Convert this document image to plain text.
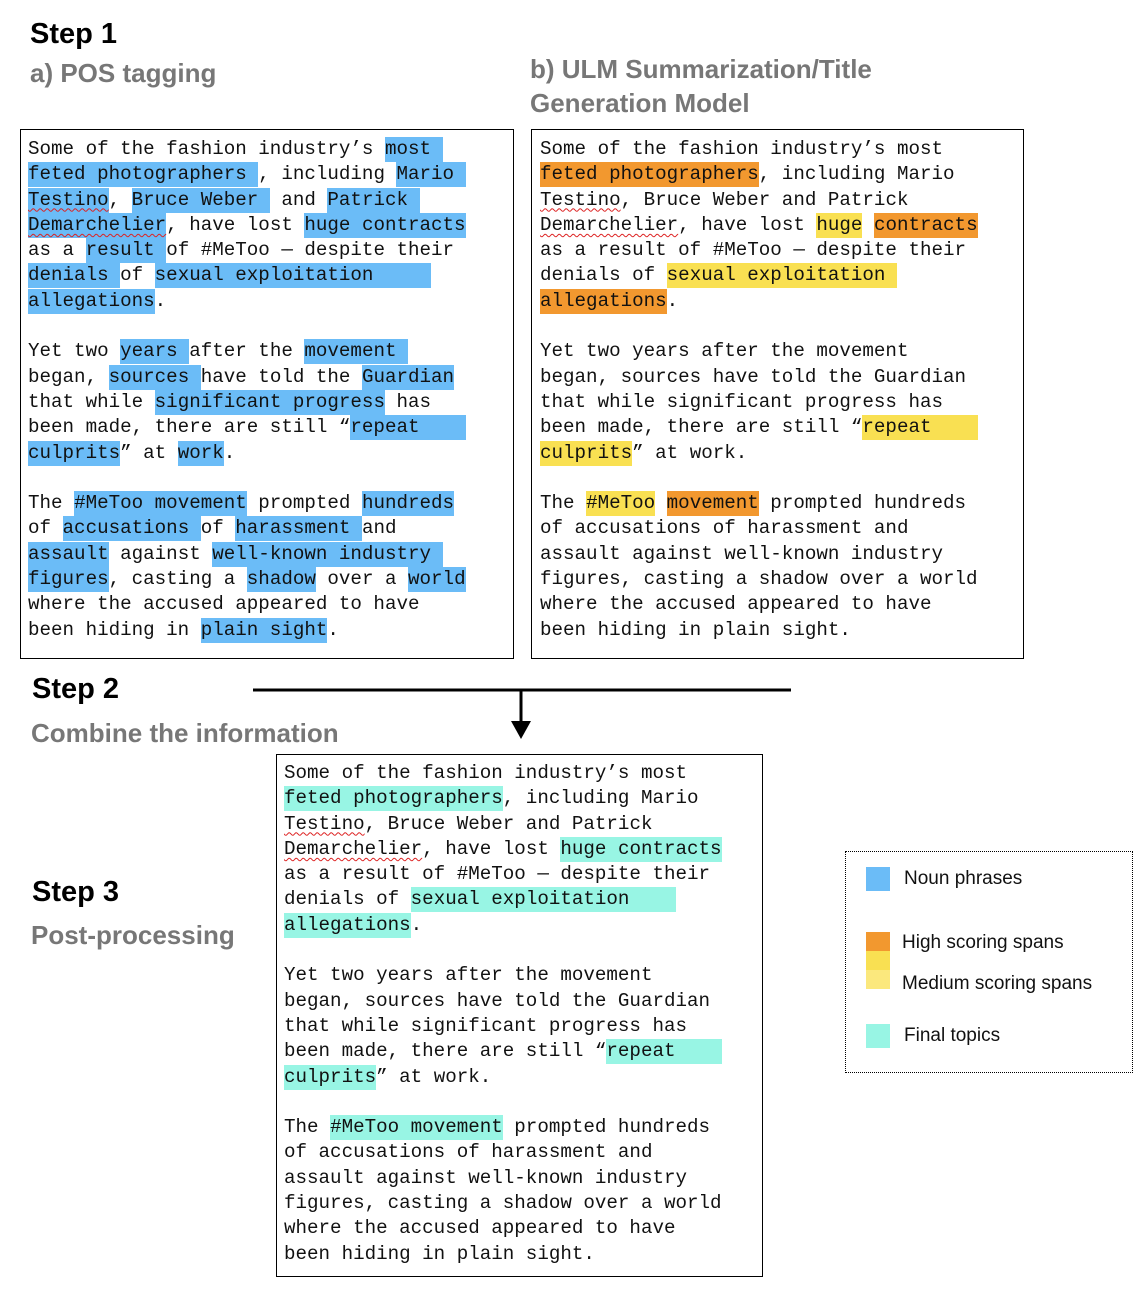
Step 1
a) POS tagging	b) ULM Summarization/Title
Generation Model
Step 2
Combine the information
Step 3
Post-processing
Some of the fashion industry’s most
feted photographers , including Mario
Testino, Bruce Weber  and Patrick
Demarchelier, have lost huge contracts
as a result of #MeToo — despite their
denials of sexual exploitation
allegations.
Yet two years after the movement
began, sources have told the Guardian
that while significant progress has
been made, there are still “repeat
culprits” at work.
The #MeToo movement prompted hundreds
of accusations of harassment and
assault against well-known industry
figures, casting a shadow over a world
where the accused appeared to have
been hiding in plain sight.
Some of the fashion industry’s most
feted photographers, including Mario
Testino, Bruce Weber and Patrick
Demarchelier, have lost huge contracts
as a result of #MeToo — despite their
denials of sexual exploitation
allegations.
Yet two years after the movement
began, sources have told the Guardian
that while significant progress has
been made, there are still “repeat
culprits” at work.
The #MeToo movement prompted hundreds
of accusations of harassment and
assault against well-known industry
figures, casting a shadow over a world
where the accused appeared to have
been hiding in plain sight.
Some of the fashion industry’s most
feted photographers, including Mario
Testino, Bruce Weber and Patrick
Demarchelier, have lost huge contracts
as a result of #MeToo — despite their
denials of sexual exploitation
allegations.
Yet two years after the movement
began, sources have told the Guardian
that while significant progress has
been made, there are still “repeat
culprits” at work.
The #MeToo movement prompted hundreds
of accusations of harassment and
assault against well-known industry
figures, casting a shadow over a world
where the accused appeared to have
been hiding in plain sight.
Noun phrases
High scoring spans
Medium scoring spans
Final topics
